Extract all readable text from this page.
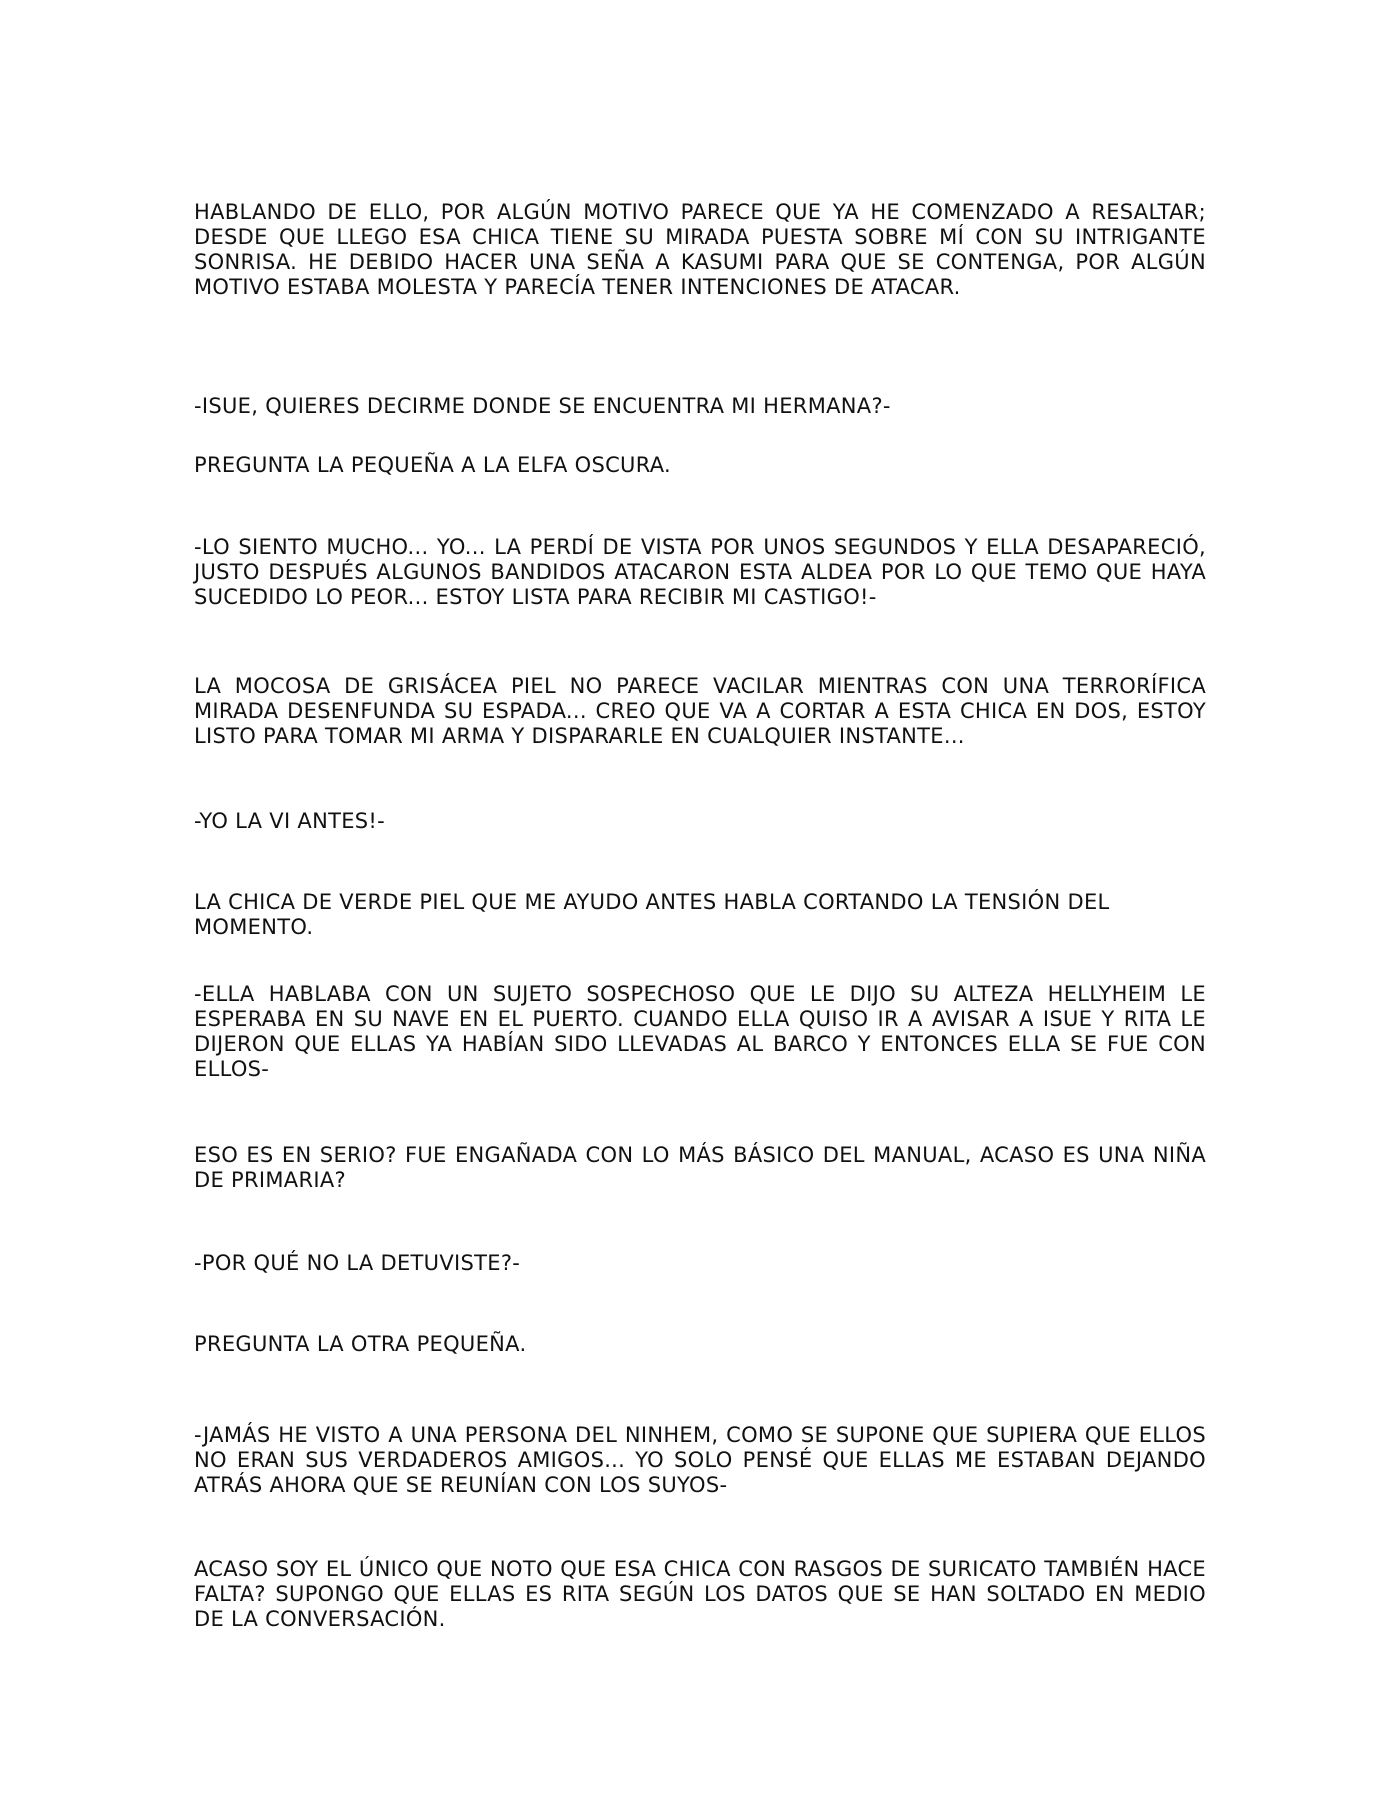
HABLANDO DE ELLO, POR ALGÚN MOTIVO PARECE QUE YA HE COMENZADO A RESALTAR; DESDE QUE LLEGO ESA CHICA TIENE SU MIRADA PUESTA SOBRE MÍ CON SU INTRIGANTE SONRISA. HE DEBIDO HACER UNA SEÑA A KASUMI PARA QUE SE CONTENGA, POR ALGÚN MOTIVO ESTABA MOLESTA Y PARECÍA TENER INTENCIONES DE ATACAR.

-ISUE, QUIERES DECIRME DONDE SE ENCUENTRA MI HERMANA?-

PREGUNTA LA PEQUEÑA A LA ELFA OSCURA.

-LO SIENTO MUCHO... YO... LA PERDÍ DE VISTA POR UNOS SEGUNDOS Y ELLA DESAPARECIÓ, JUSTO DESPUÉS ALGUNOS BANDIDOS ATACARON ESTA ALDEA POR LO QUE TEMO QUE HAYA SUCEDIDO LO PEOR... ESTOY LISTA PARA RECIBIR MI CASTIGO!-

LA MOCOSA DE GRISÁCEA PIEL NO PARECE VACILAR MIENTRAS CON UNA TERRORÍFICA MIRADA DESENFUNDA SU ESPADA... CREO QUE VA A CORTAR A ESTA CHICA EN DOS, ESTOY LISTO PARA TOMAR MI ARMA Y DISPARARLE EN CUALQUIER INSTANTE...

-YO LA VI ANTES!-

LA CHICA DE VERDE PIEL QUE ME AYUDO ANTES HABLA CORTANDO LA TENSIÓN DEL MOMENTO.

-ELLA HABLABA CON UN SUJETO SOSPECHOSO QUE LE DIJO SU ALTEZA HELLYHEIM LE ESPERABA EN SU NAVE EN EL PUERTO. CUANDO ELLA QUISO IR A AVISAR A ISUE Y RITA LE DIJERON QUE ELLAS YA HABÍAN SIDO LLEVADAS AL BARCO Y ENTONCES ELLA SE FUE CON ELLOS-

ESO ES EN SERIO? FUE ENGAÑADA CON LO MÁS BÁSICO DEL MANUAL, ACASO ES UNA NIÑA DE PRIMARIA?

-POR QUÉ NO LA DETUVISTE?-

PREGUNTA LA OTRA PEQUEÑA.

-JAMÁS HE VISTO A UNA PERSONA DEL NINHEM, COMO SE SUPONE QUE SUPIERA QUE ELLOS NO ERAN SUS VERDADEROS AMIGOS... YO SOLO PENSÉ QUE ELLAS ME ESTABAN DEJANDO ATRÁS AHORA QUE SE REUNÍAN CON LOS SUYOS-

ACASO SOY EL ÚNICO QUE NOTO QUE ESA CHICA CON RASGOS DE SURICATO TAMBIÉN HACE FALTA? SUPONGO QUE ELLAS ES RITA SEGÚN LOS DATOS QUE SE HAN SOLTADO EN MEDIO DE LA CONVERSACIÓN.
